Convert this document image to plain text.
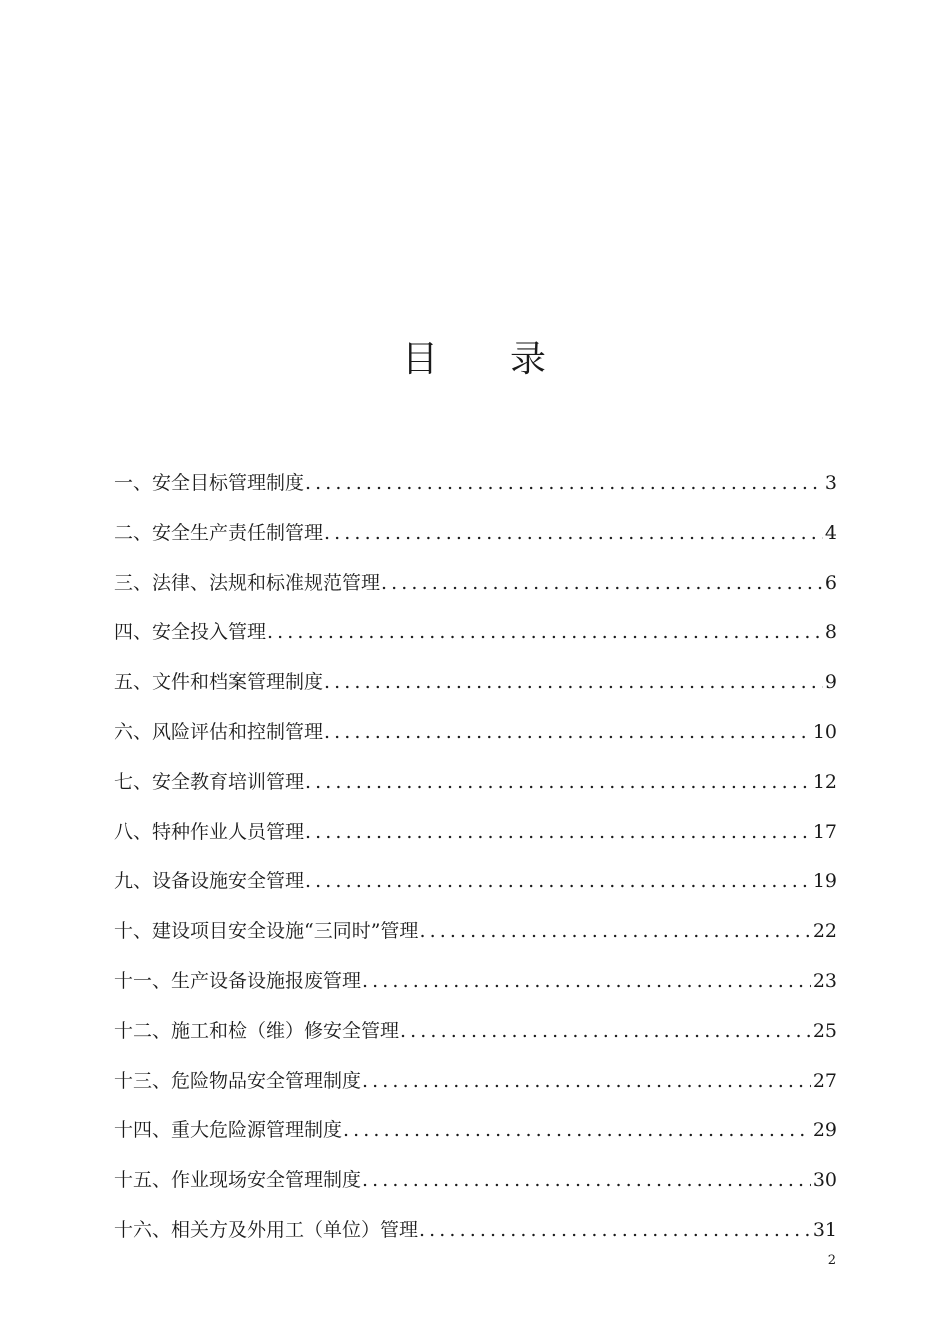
目 录
一、安全目标管理制度 .....	3
二、安全生产责任制管理 .....	4
三、法律、法规和标准规范管理 .....	6
四、安全投入管理 .....	8
五、文件和档案管理制度 .....	9
六、风险评估和控制管理 .....	10
七、安全教育培训管理 .....	12
八、特种作业人员管理 .....	17
九、设备设施安全管理 .....	19
十、建设项目安全设施“三同时”管理 .....	22
十一、生产设备设施报废管理 .....	23
十二、施工和检（维）修安全管理 .....	25
十三、危险物品安全管理制度 .....	27
十四、重大危险源管理制度 .....	29
十五、作业现场安全管理制度 .....	30
十六、相关方及外用工（单位）管理 .....	31
2
